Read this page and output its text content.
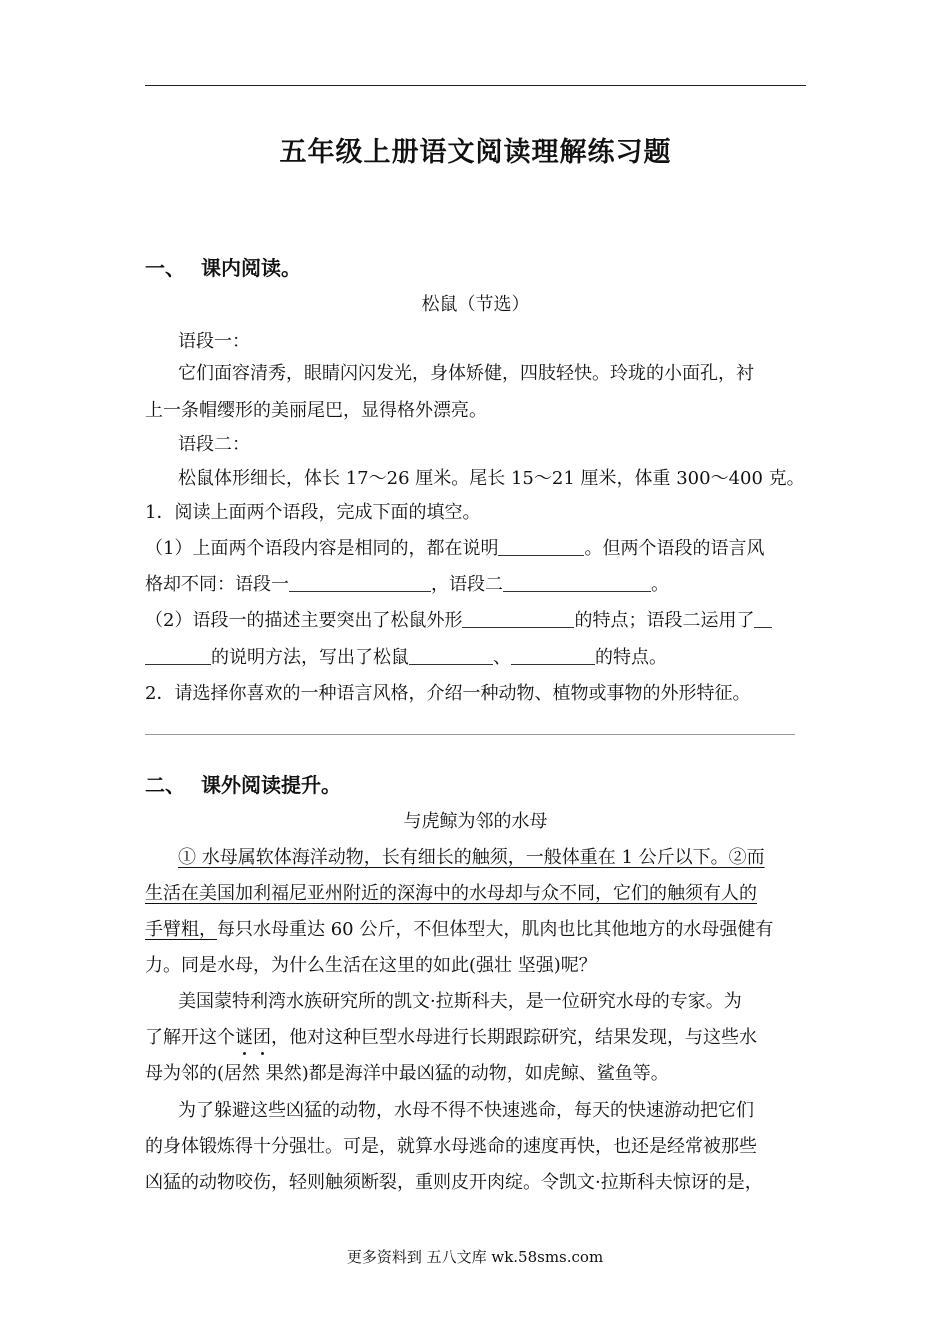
五年级上册语文阅读理解练习题
一、 课内阅读。
松鼠（节选）
语段一：
它们面容清秀，眼睛闪闪发光，身体矫健，四肢轻快。玲珑的小面孔，衬
上一条帽缨形的美丽尾巴，显得格外漂亮。
语段二：
松鼠体形细长，体长 17～26 厘米。尾长 15～21 厘米，体重 300～400 克。
1．阅读上面两个语段，完成下面的填空。
（1）上面两个语段内容是相同的，都在说明	。但两个语段的语言风
格却不同：语段一	，语段二	。
（2）语段一的描述主要突出了松鼠外形	的特点；语段二运用了
的说明方法，写出了松鼠	、	的特点。
2．请选择你喜欢的一种语言风格，介绍一种动物、植物或事物的外形特征。
二、 课外阅读提升。
与虎鲸为邻的水母
① 水母属软体海洋动物，长有细长的触须，一般体重在 1 公斤以下。②而
生活在美国加利福尼亚州附近的深海中的水母却与众不同，它们的触须有人的
手臂粗，每只水母重达 60 公斤，不但体型大，肌肉也比其他地方的水母强健有
力。同是水母，为什么生活在这里的如此(强壮 坚强)呢？
美国蒙特利湾水族研究所的凯文·拉斯科夫，是一位研究水母的专家。为
了解开这个谜团，他对这种巨型水母进行长期跟踪研究，结果发现，与这些水
母为邻的(居然 果然)都是海洋中最凶猛的动物，如虎鲸、鲨鱼等。
为了躲避这些凶猛的动物，水母不得不快速逃命，每天的快速游动把它们
的身体锻炼得十分强壮。可是，就算水母逃命的速度再快，也还是经常被那些
凶猛的动物咬伤，轻则触须断裂，重则皮开肉绽。令凯文·拉斯科夫惊讶的是，
更多资料到 五八文库 wk.58sms.com
